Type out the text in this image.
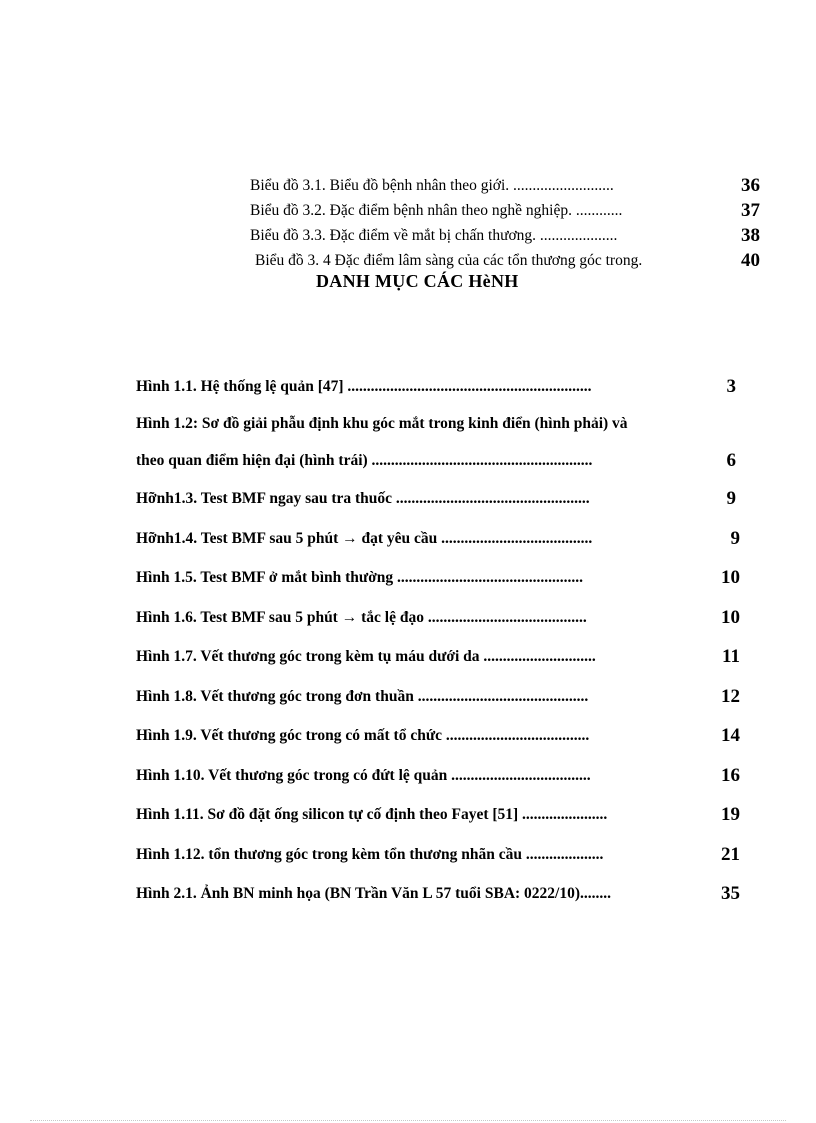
Biểu đồ 3.1. Biểu đồ bệnh nhân theo giới. ..........................	36
Biểu đồ 3.2. Đặc điểm bệnh nhân theo nghề nghiệp. ............	37
Biểu đồ 3.3. Đặc điểm về mắt bị chấn thương. ....................	38
Biểu đồ 3. 4 Đặc điểm lâm sàng của các tổn thương góc trong.	40
DANH MỤC CÁC HèNH
Hình 1.1. Hệ thống lệ quản [47] ...............................................................	3
Hình 1.2: Sơ đồ giải phẫu định khu góc mắt trong kinh điển (hình phải) và
theo quan điểm hiện đại (hình trái) .........................................................	6
Hỡnh1.3. Test BMF ngay sau tra thuốc ..................................................	9
Hỡnh1.4. Test BMF sau 5 phút → đạt yêu cầu .......................................	9
Hình 1.5. Test BMF ở mắt bình thường ................................................	10
Hình 1.6. Test BMF sau 5 phút → tắc lệ đạo .........................................	10
Hình 1.7. Vết thương góc trong kèm tụ máu dưới da .............................	11
Hình 1.8. Vết thương góc trong đơn thuần ............................................	12
Hình 1.9. Vết thương góc trong có mất tổ chức .....................................	14
Hình 1.10. Vết thương góc trong có đứt lệ quản ....................................	16
Hình 1.11. Sơ đồ đặt ống silicon tự cố định theo Fayet [51] ......................	19
Hình 1.12. tổn thương góc trong kèm tổn thương nhãn cầu ....................	21
Hình 2.1. Ảnh BN minh họa (BN Trần Văn L 57 tuổi SBA: 0222/10)........	35
